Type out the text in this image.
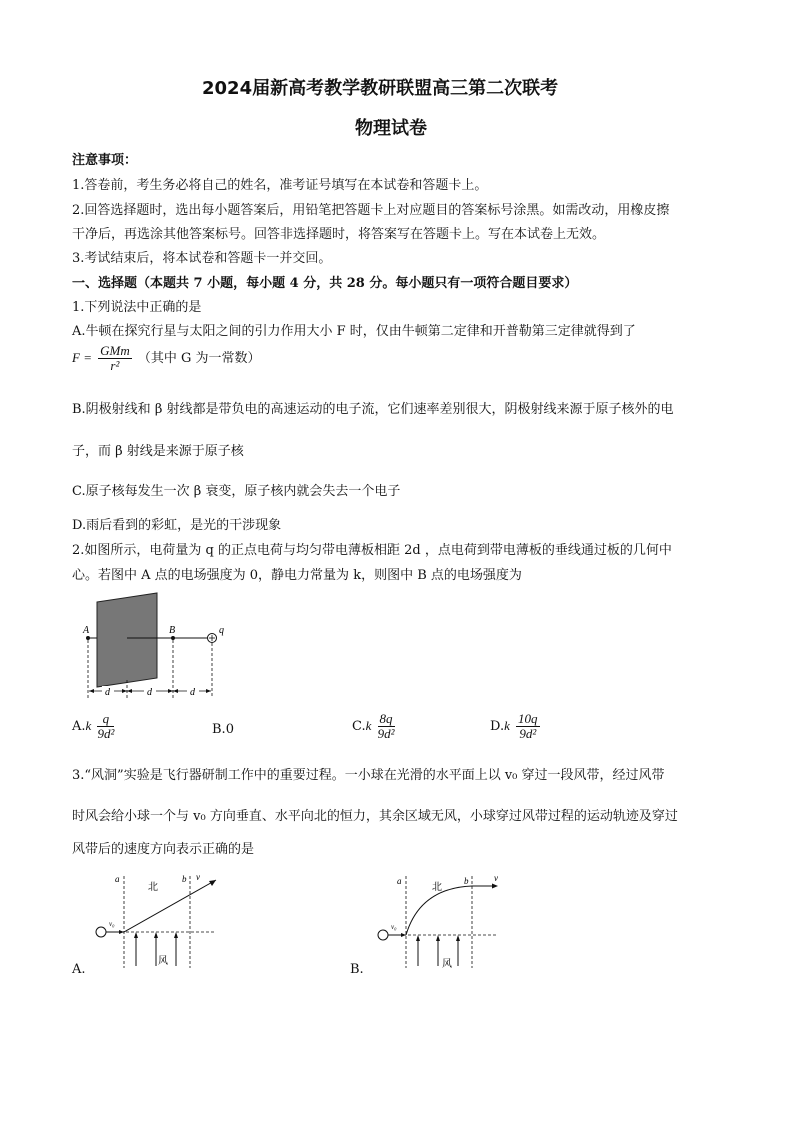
2024届新高考教学教研联盟高三第二次联考
物理试卷
注意事项：
1.答卷前，考生务必将自己的姓名，准考证号填写在本试卷和答题卡上。
2.回答选择题时，选出每小题答案后，用铅笔把答题卡上对应题目的答案标号涂黑。如需改动，用橡皮擦
干净后，再选涂其他答案标号。回答非选择题时，将答案写在答题卡上。写在本试卷上无效。
3.考试结束后，将本试卷和答题卡一并交回。
一、选择题（本题共 7 小题，每小题 4 分，共 28 分。每小题只有一项符合题目要求）
1.下列说法中正确的是
A.牛顿在探究行星与太阳之间的引力作用大小 F 时，仅由牛顿第二定律和开普勒第三定律就得到了
$F = \frac{\text{GMm}}{\text{r²}}$ （其中 G 为一常数）
B.阴极射线和 β 射线都是带负电的高速运动的电子流，它们速率差别很大，阴极射线来源于原子核外的电
子，而 β 射线是来源于原子核
C.原子核每发生一次 β 衰变，原子核内就会失去一个电子
D.雨后看到的彩虹，是光的干涉现象
2.如图所示，电荷量为 q 的正点电荷与均匀带电薄板相距 2d ，点电荷到带电薄板的垂线通过板的几何中
心。若图中 A 点的电场强度为 0，静电力常量为 k，则图中 B 点的电场强度为
A	B	q
d	d	d
$A.k \frac{q}{\text{9d²}}$	B.0	$C.k \frac{8q}{\text{9d²}}$	$D.k \frac{10q}{\text{9d²}}$
3.“风洞”实验是飞行器研制工作中的重要过程。一小球在光滑的水平面上以 v₀ 穿过一段风带，经过风带
时风会给小球一个与 v₀ 方向垂直、水平向北的恒力，其余区域无风，小球穿过风带过程的运动轨迹及穿过
风带后的速度方向表示正确的是
a	b v
v₀
北
风
A.
a	b	v
v₀
北
风
B.
